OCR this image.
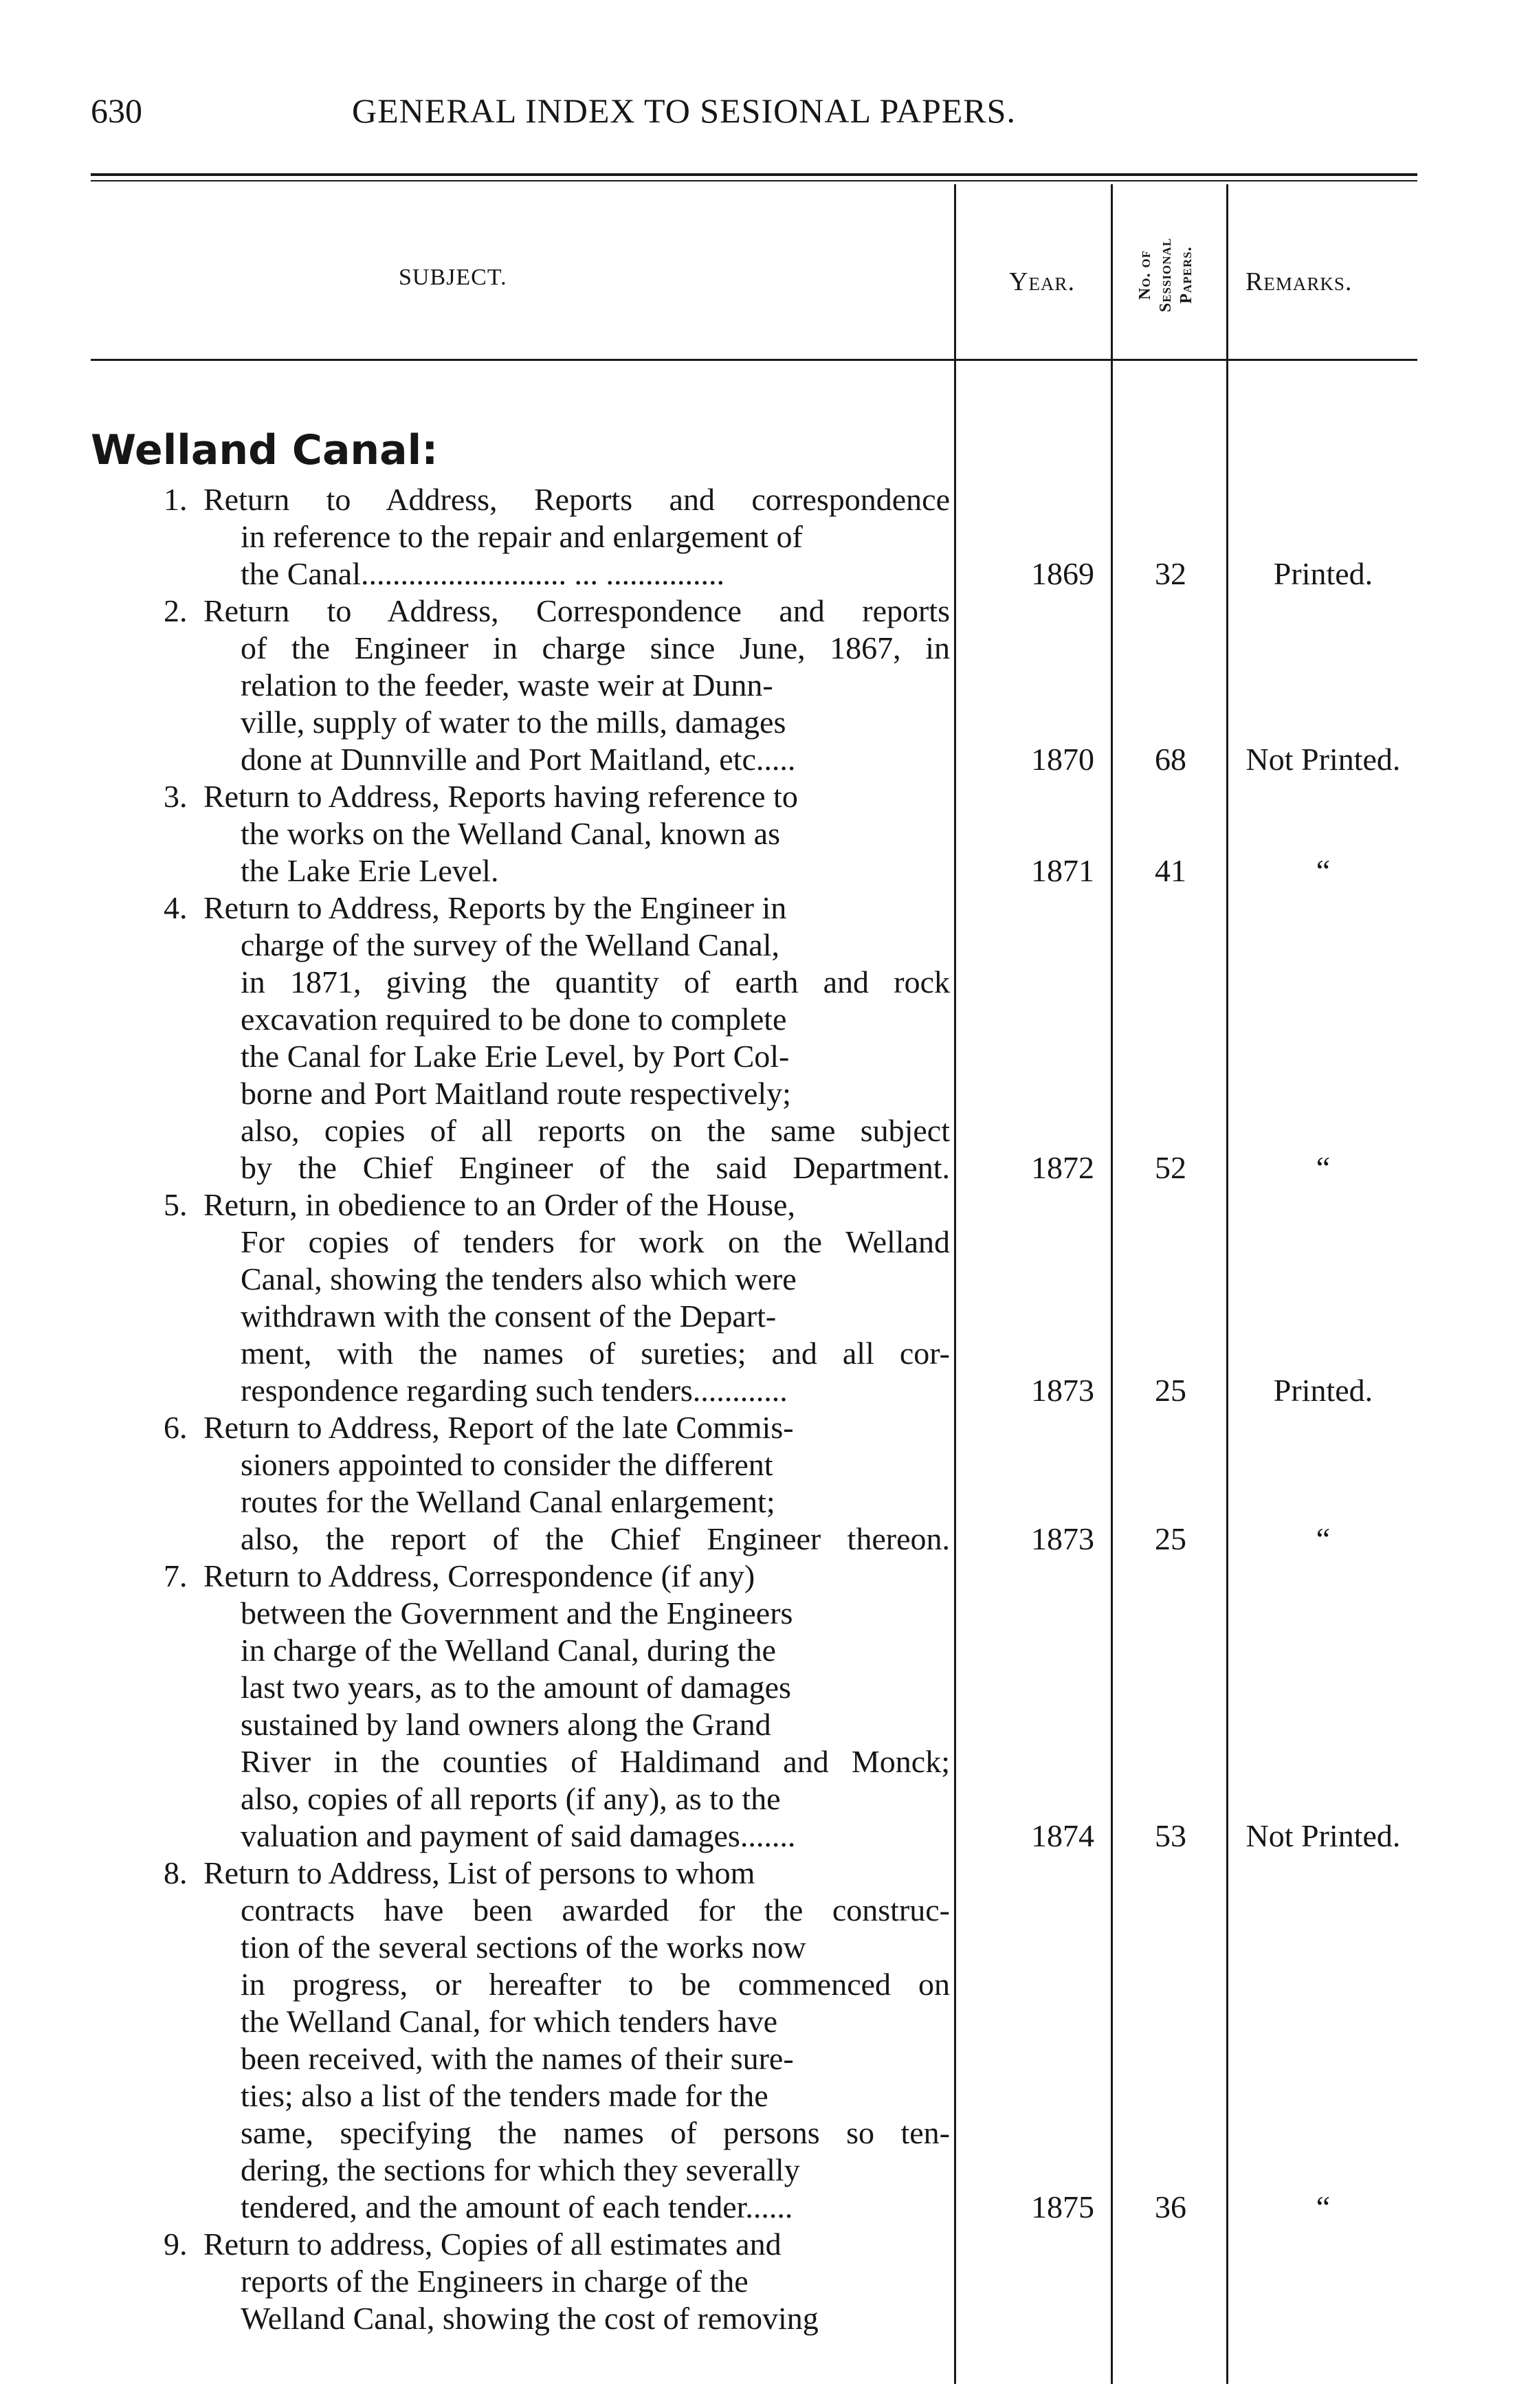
630	GENERAL INDEX TO SESIONAL PAPERS.
SUBJECT.	Year.	No. of Sessional Papers. Remarks.
Welland Canal:
1. Return to Address, Reports and correspondence
in reference to the repair and enlargement of
the Canal.......................... ... ...............	1869 32	Printed.
2. Return to Address, Correspondence and reports
of the Engineer in charge since June, 1867, in
relation to the feeder, waste weir at Dunn-
ville, supply of water to the mills, damages
done at Dunnville and Port Maitland, etc.....	1870 68 Not Printed.
3. Return to Address, Reports having reference to
the works on the Welland Canal, known as
the Lake Erie Level.	1871 41	“
4. Return to Address, Reports by the Engineer in
charge of the survey of the Welland Canal,
in 1871, giving the quantity of earth and rock
excavation required to be done to complete
the Canal for Lake Erie Level, by Port Col-
borne and Port Maitland route respectively;
also, copies of all reports on the same subject
by the Chief Engineer of the said Department.	1872 52	“
5. Return, in obedience to an Order of the House,
For copies of tenders for work on the Welland
Canal, showing the tenders also which were
withdrawn with the consent of the Depart-
ment, with the names of sureties; and all cor-
respondence regarding such tenders............	1873 25	Printed.
6. Return to Address, Report of the late Commis-
sioners appointed to consider the different
routes for the Welland Canal enlargement;
also, the report of the Chief Engineer thereon.	1873 25	“
7. Return to Address, Correspondence (if any)
between the Government and the Engineers
in charge of the Welland Canal, during the
last two years, as to the amount of damages
sustained by land owners along the Grand
River in the counties of Haldimand and Monck;
also, copies of all reports (if any), as to the
valuation and payment of said damages.......	1874 53 Not Printed.
8. Return to Address, List of persons to whom
contracts have been awarded for the construc-
tion of the several sections of the works now
in progress, or hereafter to be commenced on
the Welland Canal, for which tenders have
been received, with the names of their sure-
ties; also a list of the tenders made for the
same, specifying the names of persons so ten-
dering, the sections for which they severally
tendered, and the amount of each tender......	1875 36	“
9. Return to address, Copies of all estimates and
reports of the Engineers in charge of the
Welland Canal, showing the cost of removing
